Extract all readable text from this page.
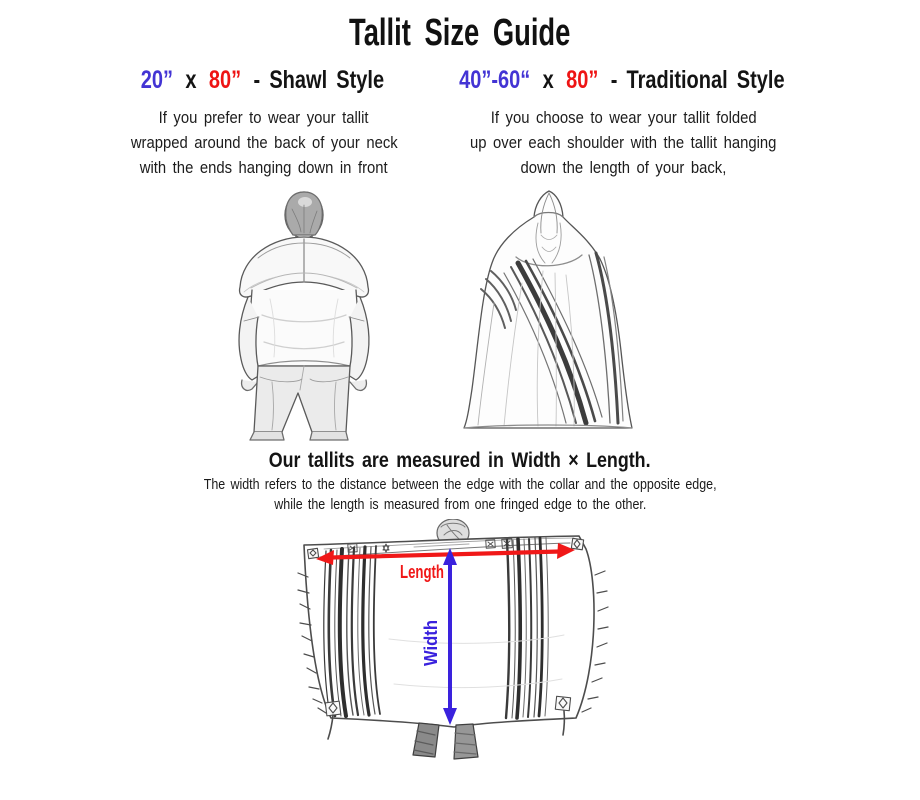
Tallit Size Guide
20” x 80” - Shawl Style
If you prefer to wear your tallit
wrapped around the back of your neck
with the ends hanging down in front
40”-60“ x 80” - Traditional Style
If you choose to wear your tallit folded
up over each shoulder with the tallit hanging
down the length of your back,
Our tallits are measured in Width × Length.
The width refers to the distance between the edge with the collar and the opposite edge,
while the length is measured from one fringed edge to the other.
Length
Width
